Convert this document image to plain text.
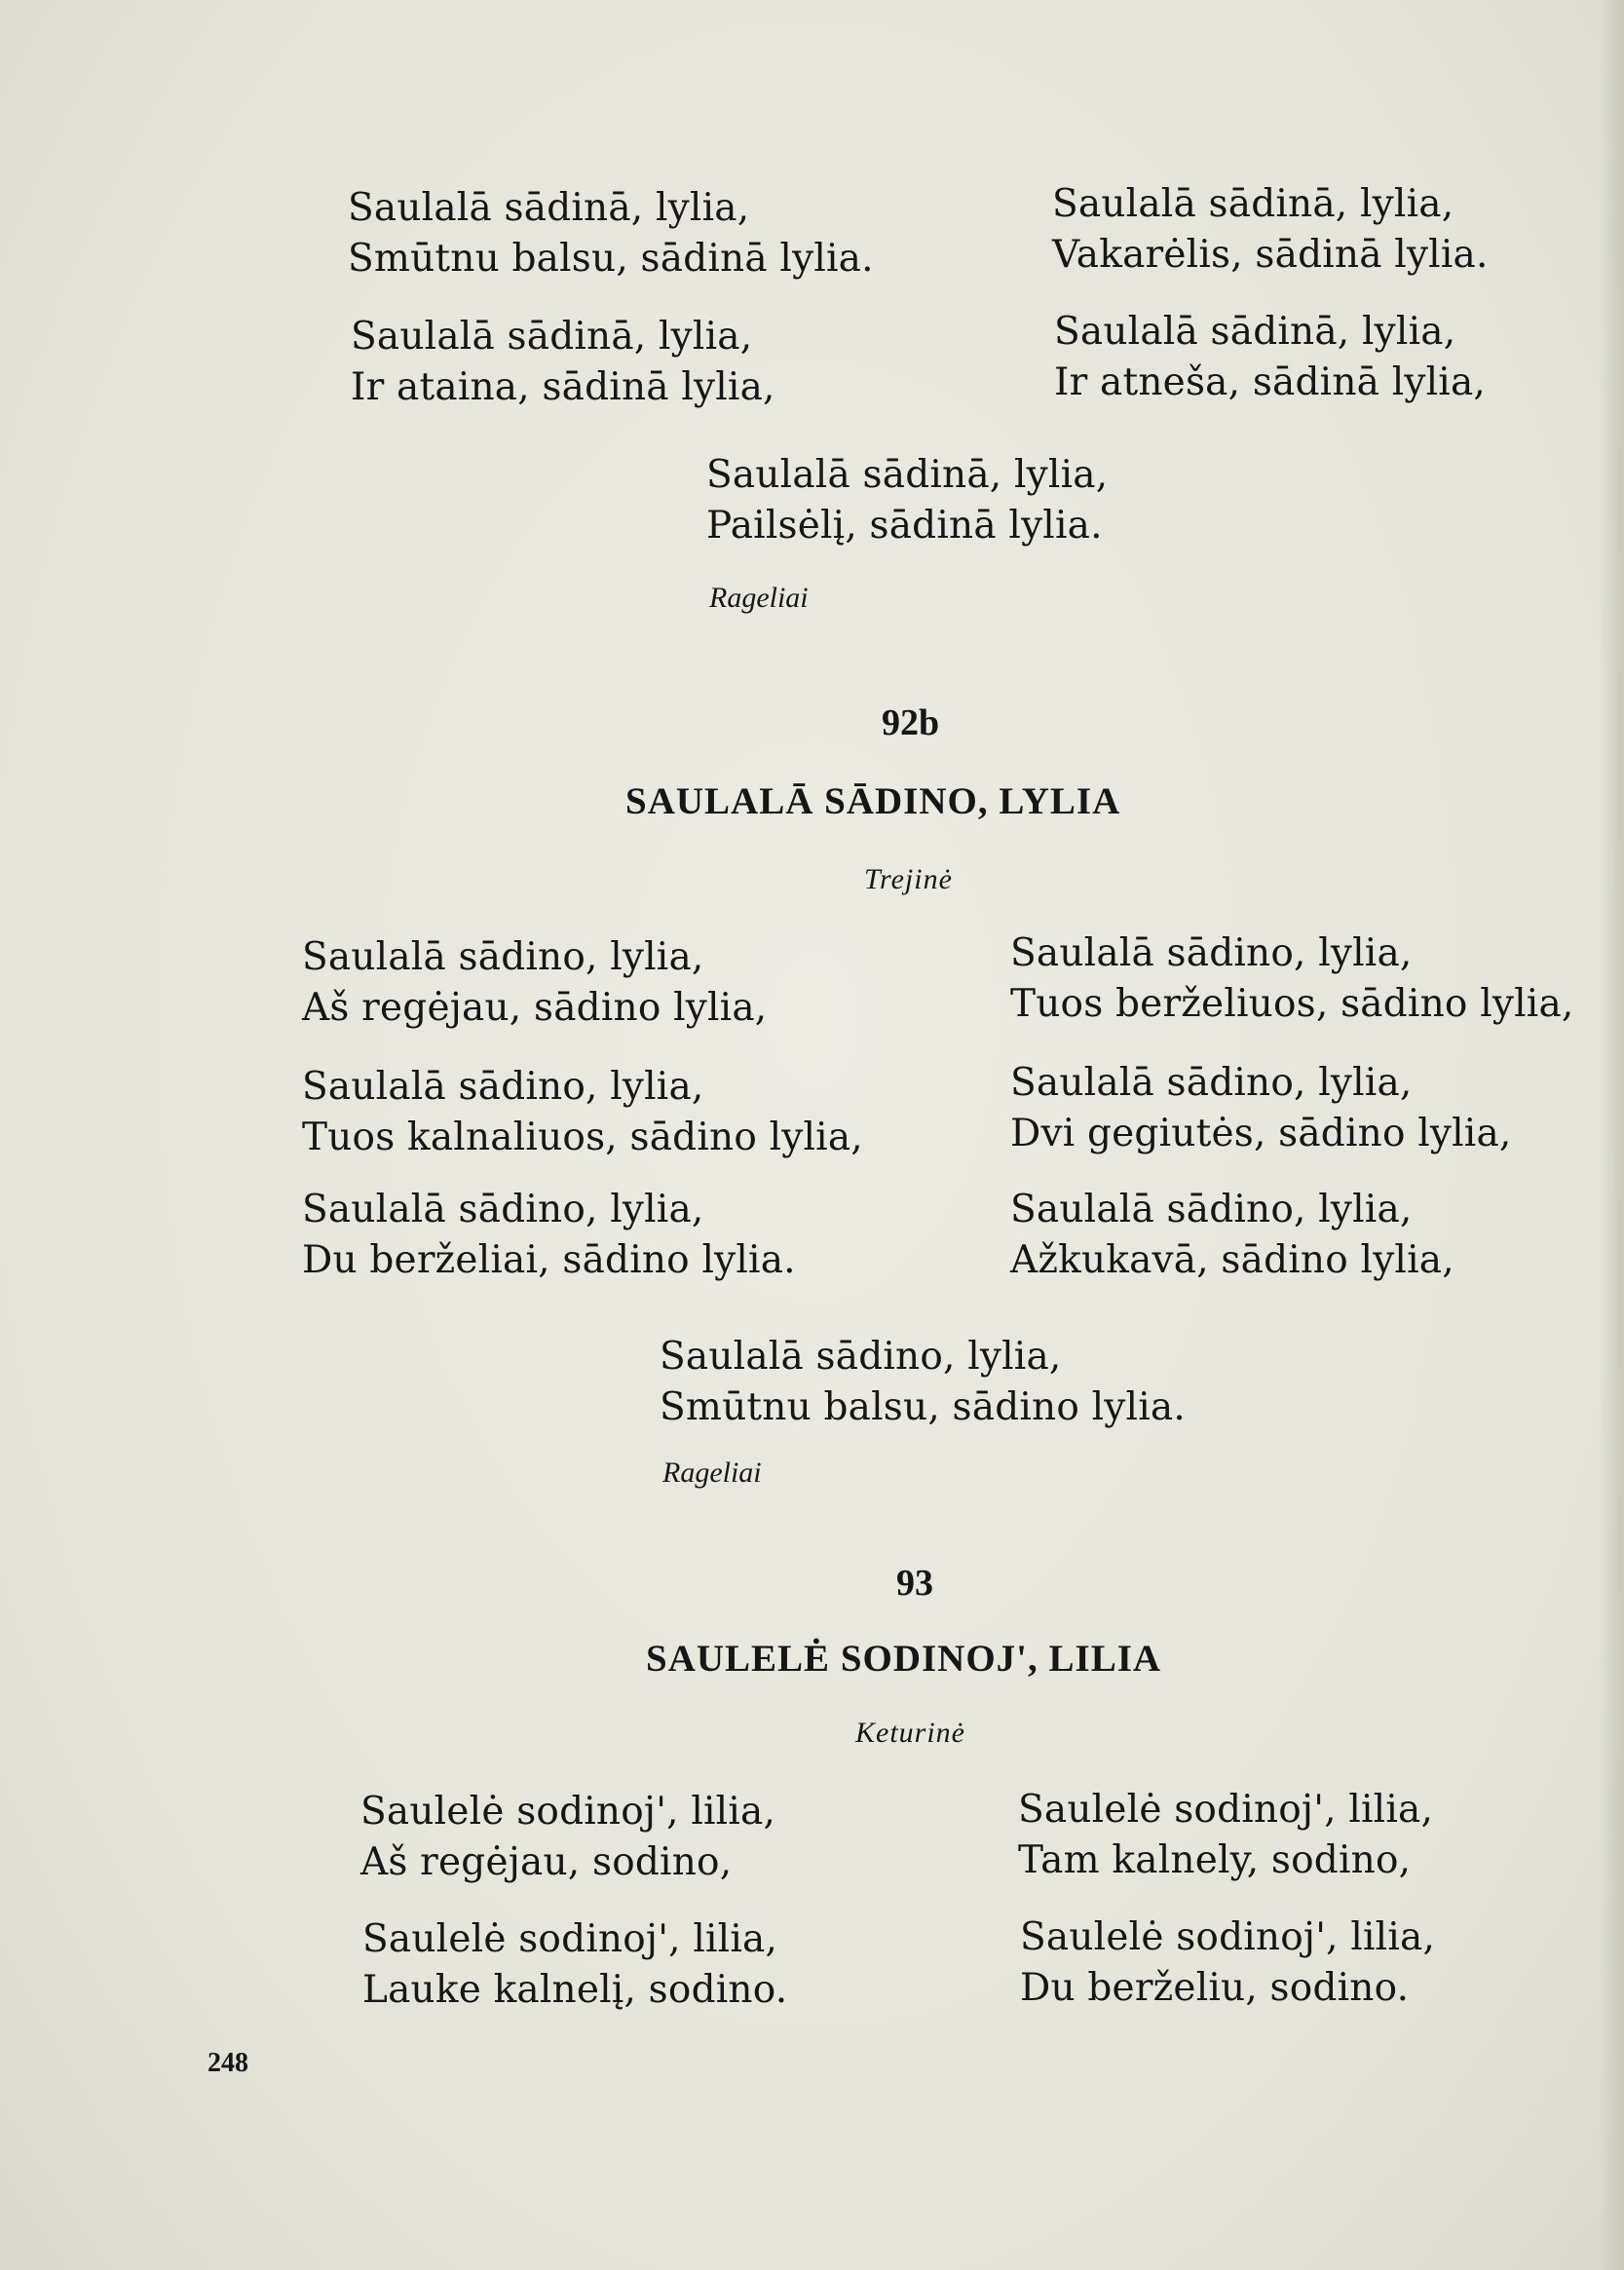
Saulalā sādinā, lylia,
Smūtnu balsu, sādinā lylia.
Saulalā sādinā, lylia,
Vakarėlis, sādinā lylia.
Saulalā sādinā, lylia,
Ir ataina, sādinā lylia,
Saulalā sādinā, lylia,
Ir atneša, sādinā lylia,
Saulalā sādinā, lylia,
Pailsėlį, sādinā lylia.
Rageliai
92b
SAULALĀ SĀDINO, LYLIA
Trejinė
Saulalā sādino, lylia,
Aš regėjau, sādino lylia,
Saulalā sādino, lylia,
Tuos berželiuos, sādino lylia,
Saulalā sādino, lylia,
Tuos kalnaliuos, sādino lylia,
Saulalā sādino, lylia,
Dvi gegiutės, sādino lylia,
Saulalā sādino, lylia,
Du berželiai, sādino lylia.
Saulalā sādino, lylia,
Ažkukavā, sādino lylia,
Saulalā sādino, lylia,
Smūtnu balsu, sādino lylia.
Rageliai
93
SAULELĖ SODINOJ', LILIA
Keturinė
Saulelė sodinoj', lilia,
Aš regėjau, sodino,
Saulelė sodinoj', lilia,
Tam kalnely, sodino,
Saulelė sodinoj', lilia,
Lauke kalnelį, sodino.
Saulelė sodinoj', lilia,
Du berželiu, sodino.
248
